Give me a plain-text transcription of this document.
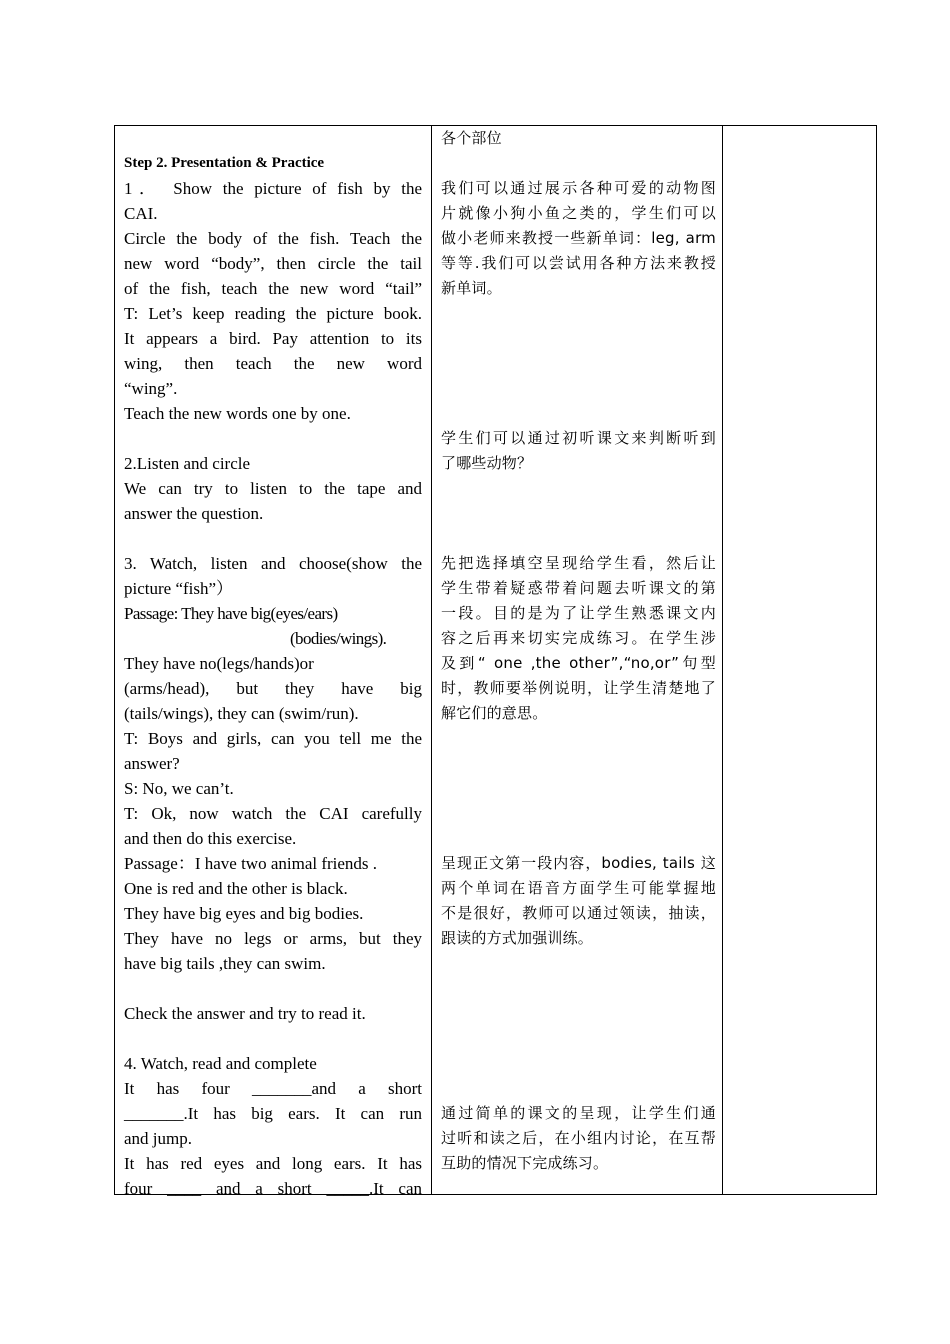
Step 2. Presentation & Practice
1． Show the picture of fish by the
CAI.
Circle the body of the fish. Teach the
new word “body”, then circle the tail
of the fish, teach the new word “tail”
T: Let’s keep reading the picture book.
It appears a bird. Pay attention to its
wing, then teach the new word
“wing”.
Teach the new words one by one.
2.Listen and circle
We can try to listen to the tape and
answer the question.
3. Watch, listen and choose(show the
picture “fish”）
Passage: They have big(eyes/ears)
(bodies/wings).
They have no(legs/hands)or
(arms/head), but they have big
(tails/wings), they can (swim/run).
T: Boys and girls, can you tell me the
answer?
S: No, we can’t.
T: Ok, now watch the CAI carefully
and then do this exercise.
Passage：I have two animal friends .
One is red and the other is black.
They have big eyes and big bodies.
They have no legs or arms, but they
have big tails ,they can swim.
Check the answer and try to read it.
4. Watch, read and complete
It has four _______and a short
_______.It has big ears. It can run
and jump.
It has red eyes and long ears. It has
four ____ and a short _____.It can
各个部位
我们可以通过展示各种可爱的动物图
片就像小狗小鱼之类的，学生们可以
做小老师来教授一些新单词：leg, arm
等等.我们可以尝试用各种方法来教授
新单词。
学生们可以通过初听课文来判断听到
了哪些动物？
先把选择填空呈现给学生看，然后让
学生带着疑惑带着问题去听课文的第
一段。目的是为了让学生熟悉课文内
容之后再来切实完成练习。在学生涉
及到“ one ,the other”,“no,or”句型
时，教师要举例说明，让学生清楚地了
解它们的意思。
呈现正文第一段内容，bodies, tails 这
两个单词在语音方面学生可能掌握地
不是很好，教师可以通过领读，抽读，
跟读的方式加强训练。
通过简单的课文的呈现，让学生们通
过听和读之后，在小组内讨论，在互帮
互助的情况下完成练习。
